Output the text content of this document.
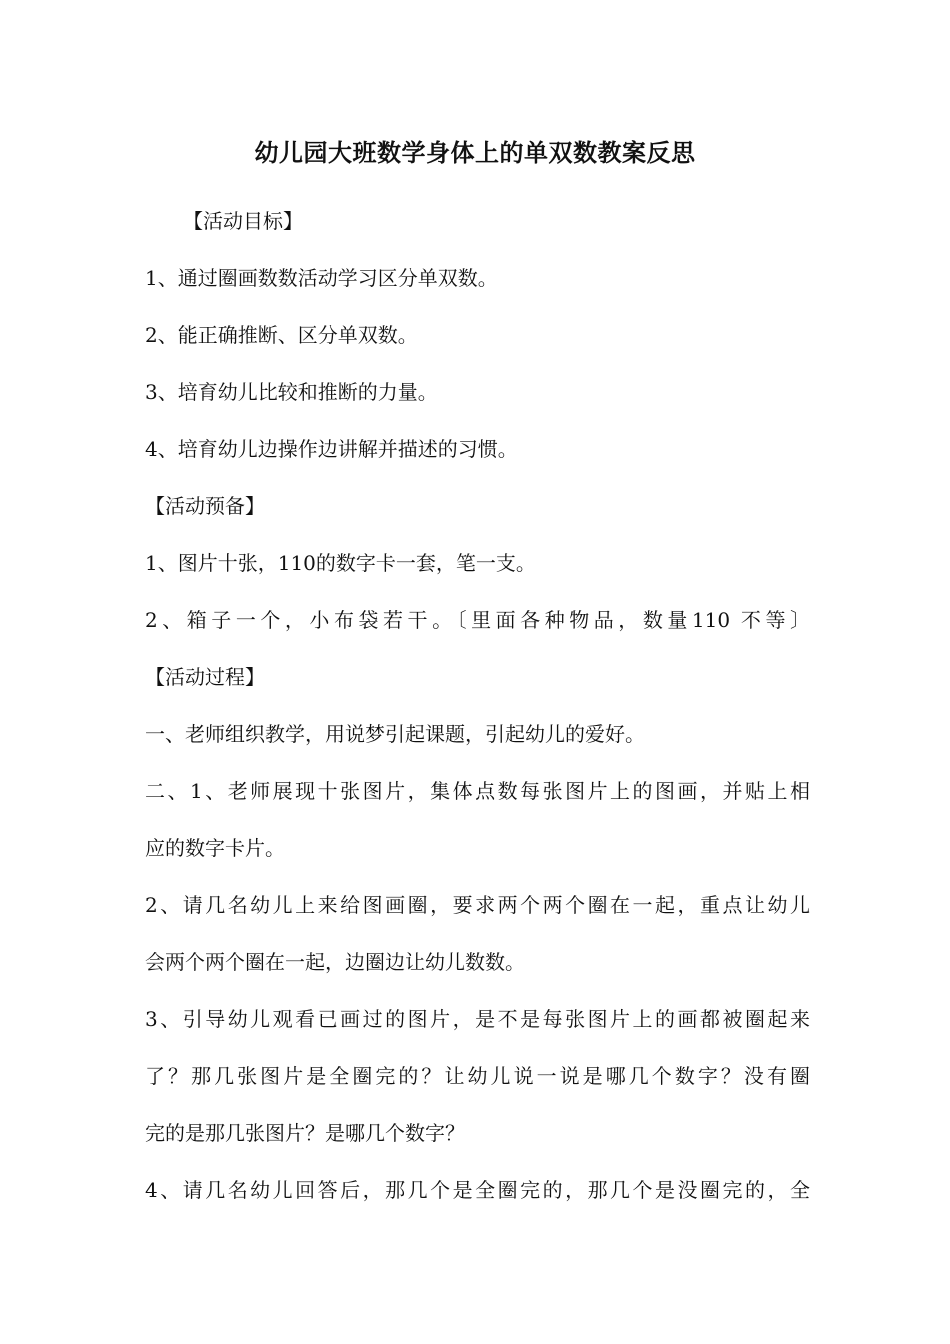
幼儿园大班数学身体上的单双数教案反思

【活动目标】

1、通过圈画数数活动学习区分单双数。

2、能正确推断、区分单双数。

3、培育幼儿比较和推断的力量。

4、培育幼儿边操作边讲解并描述的习惯。

【活动预备】

1、图片十张，110的数字卡一套，笔一支。

2、箱子一个，小布袋若干。〔里面各种物品，数量110 不等〕

【活动过程】

一、老师组织教学，用说梦引起课题，引起幼儿的爱好。

二、1、老师展现十张图片，集体点数每张图片上的图画，并贴上相

应的数字卡片。

2、请几名幼儿上来给图画圈，要求两个两个圈在一起，重点让幼儿

会两个两个圈在一起，边圈边让幼儿数数。

3、引导幼儿观看已画过的图片，是不是每张图片上的画都被圈起来

了？那几张图片是全圈完的？让幼儿说一说是哪几个数字？没有圈

完的是那几张图片？是哪几个数字？

4、请几名幼儿回答后，那几个是全圈完的，那几个是没圈完的，全
